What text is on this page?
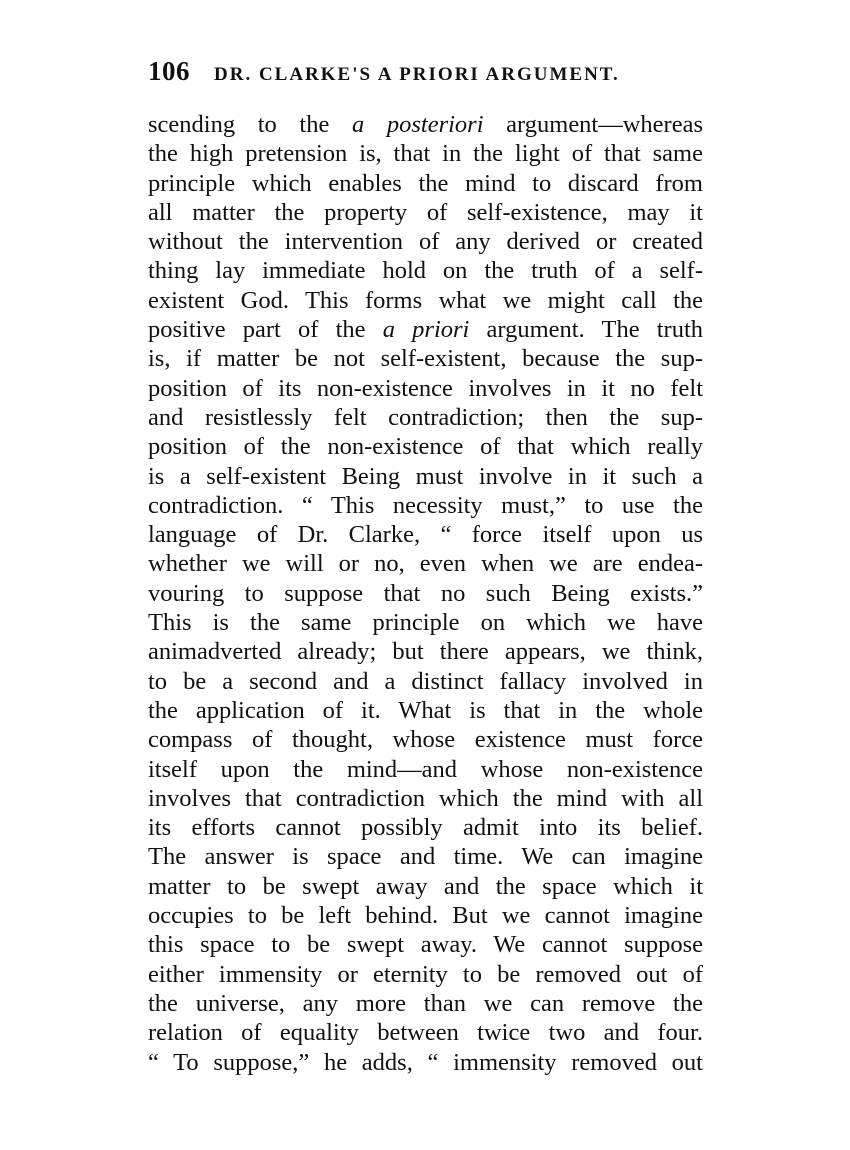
106 DR. CLARKE'S A PRIORI ARGUMENT.
scending to the a posteriori argument—whereas
the high pretension is, that in the light of that same
principle which enables the mind to discard from
all matter the property of self-existence, may it
without the intervention of any derived or created
thing lay immediate hold on the truth of a self-
existent God. This forms what we might call the
positive part of the a priori argument. The truth
is, if matter be not self-existent, because the sup-
position of its non-existence involves in it no felt
and resistlessly felt contradiction; then the sup-
position of the non-existence of that which really
is a self-existent Being must involve in it such a
contradiction. “ This necessity must,” to use the
language of Dr. Clarke, “ force itself upon us
whether we will or no, even when we are endea-
vouring to suppose that no such Being exists.”
This is the same principle on which we have
animadverted already; but there appears, we think,
to be a second and a distinct fallacy involved in
the application of it. What is that in the whole
compass of thought, whose existence must force
itself upon the mind—and whose non-existence
involves that contradiction which the mind with all
its efforts cannot possibly admit into its belief.
The answer is space and time. We can imagine
matter to be swept away and the space which it
occupies to be left behind. But we cannot imagine
this space to be swept away. We cannot suppose
either immensity or eternity to be removed out of
the universe, any more than we can remove the
relation of equality between twice two and four.
“ To suppose,” he adds, “ immensity removed out
